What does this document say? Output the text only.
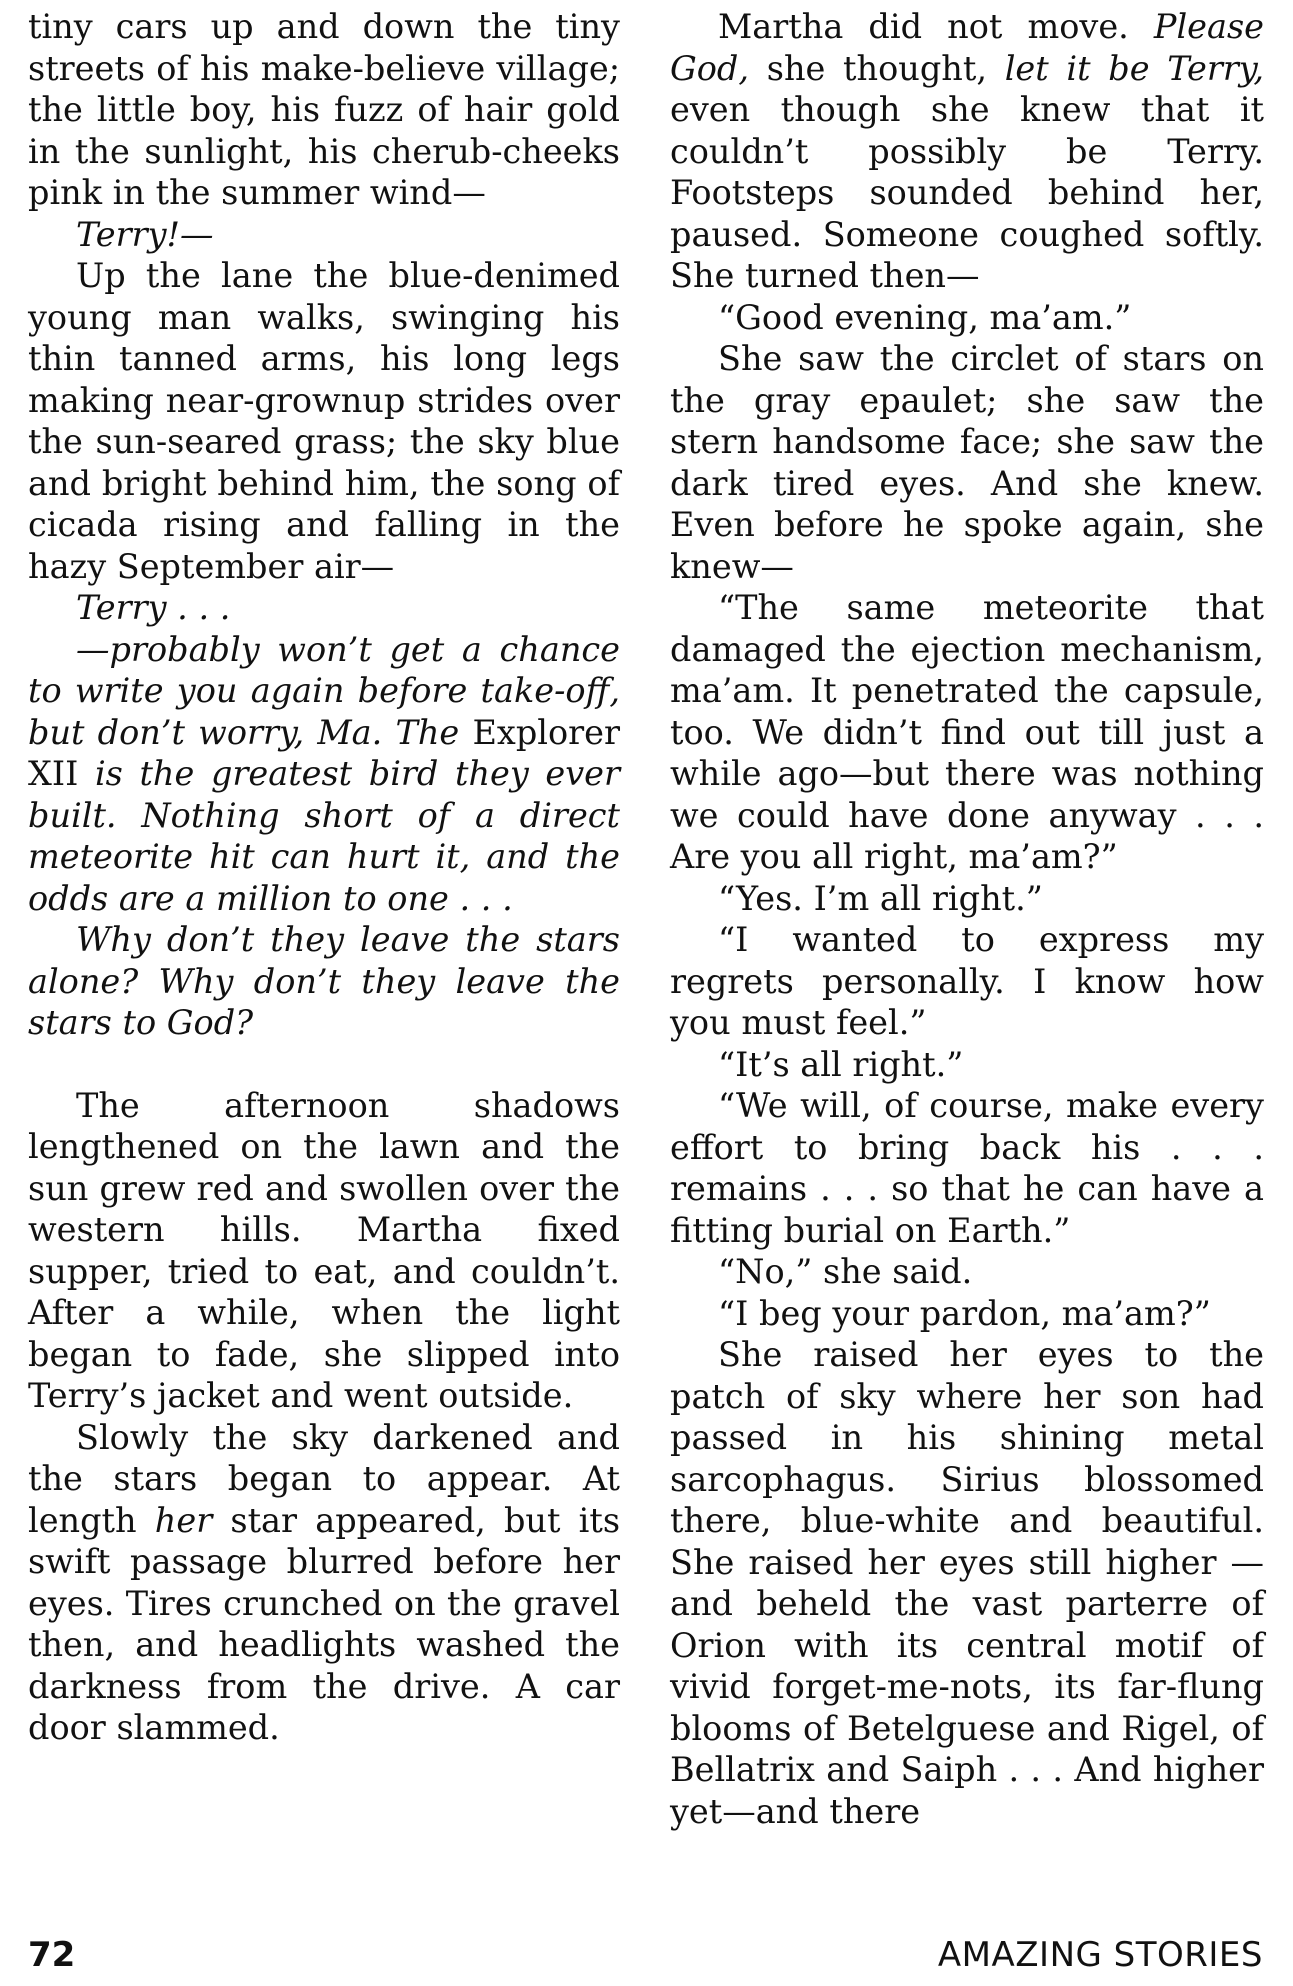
tiny cars up and down the tiny streets of his make-believe village; the little boy, his fuzz of hair gold in the sunlight, his cherub-cheeks pink in the summer wind—

Terry!—

Up the lane the blue-denimed young man walks, swinging his thin tanned arms, his long legs making near-grownup strides over the sun-seared grass; the sky blue and bright behind him, the song of cicada rising and falling in the hazy September air—

Terry . . .

—probably won’t get a chance to write you again before take-off, but don’t worry, Ma. The Explorer XII is the greatest bird they ever built. Nothing short of a direct meteorite hit can hurt it, and the odds are a million to one . . .

Why don’t they leave the stars alone? Why don’t they leave the stars to God?

The afternoon shadows lengthened on the lawn and the sun grew red and swollen over the western hills. Martha fixed supper, tried to eat, and couldn’t. After a while, when the light began to fade, she slipped into Terry’s jacket and went outside.

Slowly the sky darkened and the stars began to appear. At length her star appeared, but its swift passage blurred before her eyes. Tires crunched on the gravel then, and headlights washed the darkness from the drive. A car door slammed.

Martha did not move. Please God, she thought, let it be Terry, even though she knew that it couldn’t possibly be Terry. Footsteps sounded behind her, paused. Someone coughed softly. She turned then—

“Good evening, ma’am.”

She saw the circlet of stars on the gray epaulet; she saw the stern handsome face; she saw the dark tired eyes. And she knew. Even before he spoke again, she knew—

“The same meteorite that damaged the ejection mechanism, ma’am. It penetrated the capsule, too. We didn’t find out till just a while ago—but there was nothing we could have done anyway . . . Are you all right, ma’am?”

“Yes. I’m all right.”

“I wanted to express my regrets personally. I know how you must feel.”

“It’s all right.”

“We will, of course, make every effort to bring back his . . . remains . . . so that he can have a fitting burial on Earth.”

“No,” she said.

“I beg your pardon, ma’am?”

She raised her eyes to the patch of sky where her son had passed in his shining metal sarcophagus. Sirius blossomed there, blue-white and beautiful. She raised her eyes still higher —and beheld the vast parterre of Orion with its central motif of vivid forget-me-nots, its far-flung blooms of Betelguese and Rigel, of Bellatrix and Saiph . . . And higher yet—and there

72	AMAZING STORIES
